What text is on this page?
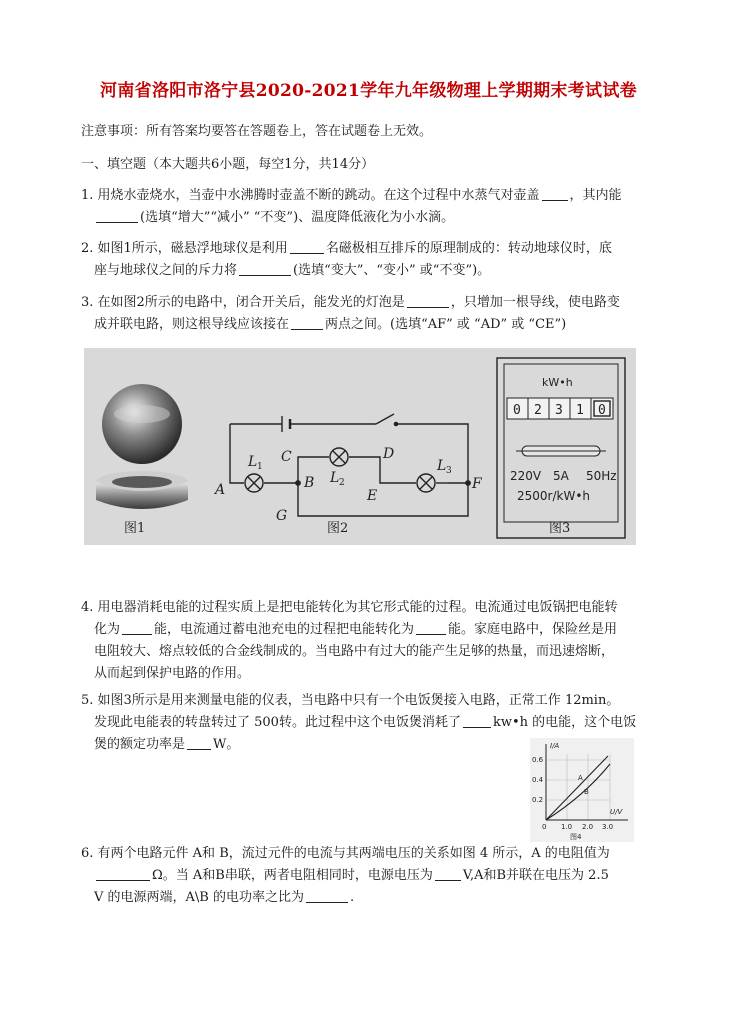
河南省洛阳市洛宁县2020-2021学年九年级物理上学期期末考试试卷
注意事项：所有答案均要答在答题卷上，答在试题卷上无效。
一、填空题（本大题共6小题，每空1分，共14分）
1. 用烧水壶烧水，当壶中水沸腾时壶盖不断的跳动。在这个过程中水蒸气对壶盖 ，其内能
(选填“增大”“减小” “不变”)、温度降低液化为小水滴。
2. 如图1所示，磁悬浮地球仪是利用	名磁极相互排斥的原理制成的：转动地球仪时，底
座与地球仪之间的斥力将	(选填“变大”、“变小” 或“不变”)。
3. 在如图2所示的电路中，闭合开关后，能发光的灯泡是	，只增加一根导线，使电路变
成并联电路，则这根导线应该接在	两点之间。(选填“AF” 或 “AD” 或 “CE”)
图1
L 1
C	D
A	B L 2
L 3
E
F
G
图2
kW•h
0 2 3 1 0
220V 5A 50Hz
2500r/kW•h
图3
4. 用电器消耗电能的过程实质上是把电能转化为其它形式能的过程。电流通过电饭锅把电能转
化为	能，电流通过蓄电池充电的过程把电能转化为	能。家庭电路中，保险丝是用
电阻较大、熔点较低的合金线制成的。当电路中有过大的能产生足够的热量，而迅速熔断，
从而起到保护电路的作用。
5. 如图3所示是用来测量电能的仪表，当电路中只有一个电饭煲接入电路，正常工作 12min。
发现此电能表的转盘转过了 500转。此过程中这个电饭煲消耗了 kw•h 的电能，这个电饭
煲的额定功率是 W。	I/A
U/V
0.6
0.4
0.2
0 1.0 2.0 3.0
A
B
图4
6. 有两个电路元件 A和 B，流过元件的电流与其两端电压的关系如图 4 所示，A 的电阻值为
Ω。当 A和B串联，两者电阻相同时，电源电压为 V,A和B并联在电压为 2.5
V 的电源两端，A\B 的电功率之比为	.
